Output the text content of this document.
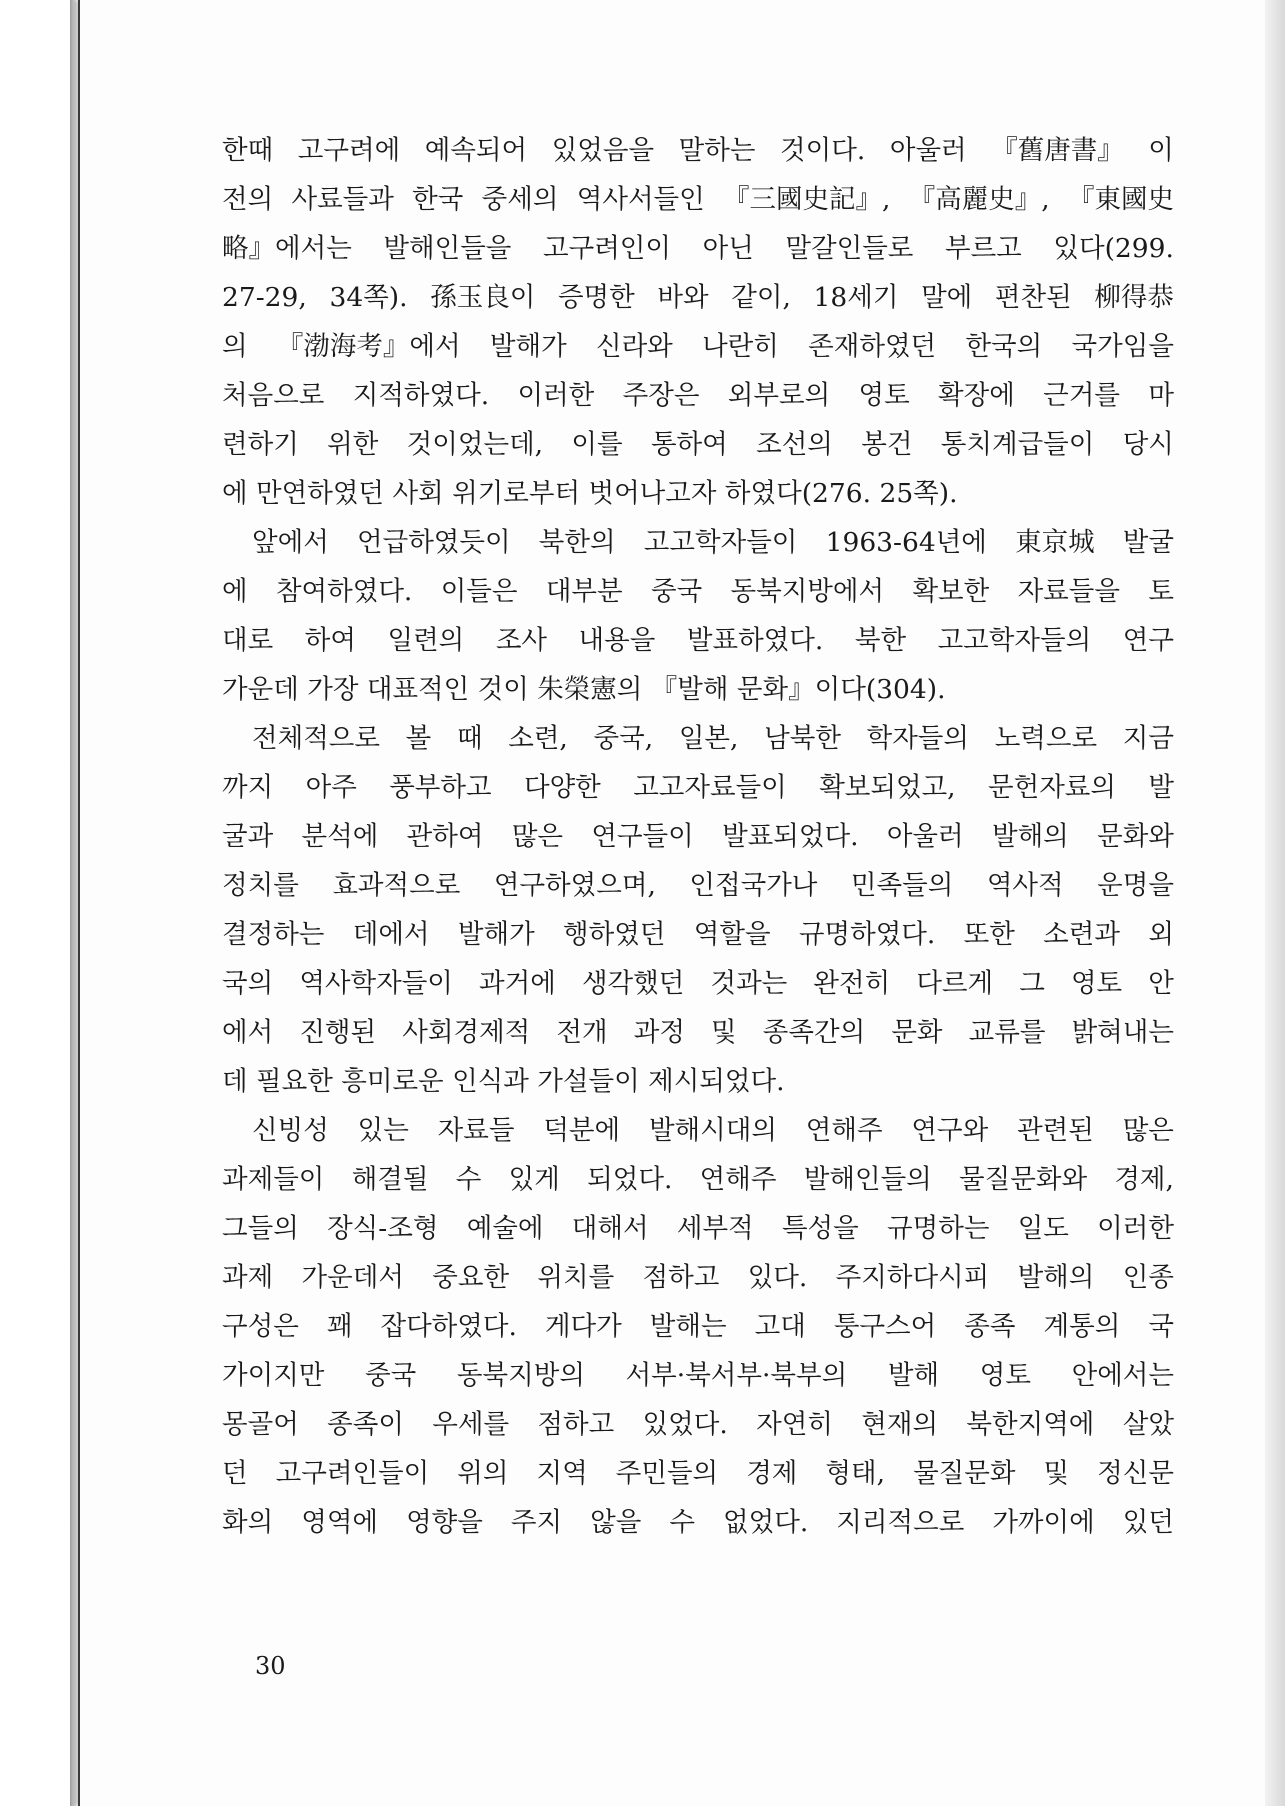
한때 고구려에 예속되어 있었음을 말하는 것이다. 아울러 『舊唐書』 이
전의 사료들과 한국 중세의 역사서들인 『三國史記』, 『高麗史』, 『東國史
略』에서는 발해인들을 고구려인이 아닌 말갈인들로 부르고 있다(299.
27-29, 34쪽). 孫玉良이 증명한 바와 같이, 18세기 말에 편찬된 柳得恭
의 『渤海考』에서 발해가 신라와 나란히 존재하였던 한국의 국가임을
처음으로 지적하였다. 이러한 주장은 외부로의 영토 확장에 근거를 마
련하기 위한 것이었는데, 이를 통하여 조선의 봉건 통치계급들이 당시
에 만연하였던 사회 위기로부터 벗어나고자 하였다(276. 25쪽).
앞에서 언급하였듯이 북한의 고고학자들이 1963-64년에 東京城 발굴
에 참여하였다. 이들은 대부분 중국 동북지방에서 확보한 자료들을 토
대로 하여 일련의 조사 내용을 발표하였다. 북한 고고학자들의 연구
가운데 가장 대표적인 것이 朱榮憲의 『발해 문화』이다(304).
전체적으로 볼 때 소련, 중국, 일본, 남북한 학자들의 노력으로 지금
까지 아주 풍부하고 다양한 고고자료들이 확보되었고, 문헌자료의 발
굴과 분석에 관하여 많은 연구들이 발표되었다. 아울러 발해의 문화와
정치를 효과적으로 연구하였으며, 인접국가나 민족들의 역사적 운명을
결정하는 데에서 발해가 행하였던 역할을 규명하였다. 또한 소련과 외
국의 역사학자들이 과거에 생각했던 것과는 완전히 다르게 그 영토 안
에서 진행된 사회경제적 전개 과정 및 종족간의 문화 교류를 밝혀내는
데 필요한 흥미로운 인식과 가설들이 제시되었다.
신빙성 있는 자료들 덕분에 발해시대의 연해주 연구와 관련된 많은
과제들이 해결될 수 있게 되었다. 연해주 발해인들의 물질문화와 경제,
그들의 장식-조형 예술에 대해서 세부적 특성을 규명하는 일도 이러한
과제 가운데서 중요한 위치를 점하고 있다. 주지하다시피 발해의 인종
구성은 꽤 잡다하였다. 게다가 발해는 고대 퉁구스어 종족 계통의 국
가이지만 중국 동북지방의 서부·북서부·북부의 발해 영토 안에서는
몽골어 종족이 우세를 점하고 있었다. 자연히 현재의 북한지역에 살았
던 고구려인들이 위의 지역 주민들의 경제 형태, 물질문화 및 정신문
화의 영역에 영향을 주지 않을 수 없었다. 지리적으로 가까이에 있던
30
